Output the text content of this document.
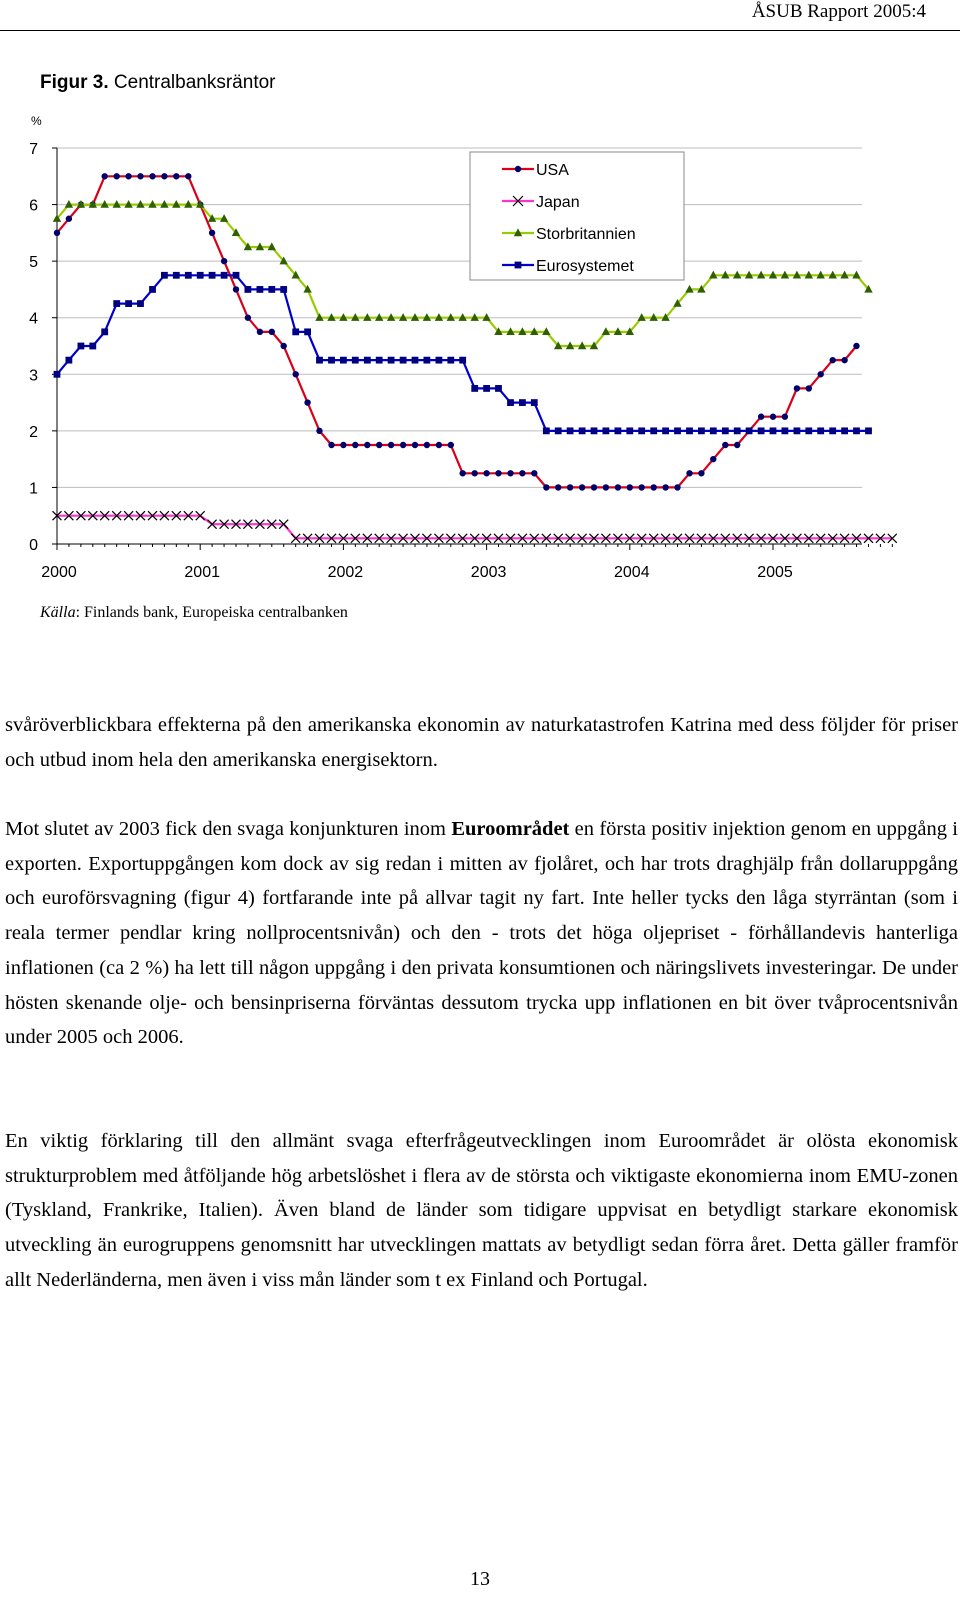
ÅSUB Rapport 2005:4
Figur 3. Centralbanksräntor
0
1
2
3
4
5
6
7
%
2000	2001	2002	2003	2004	2005
USA
Japan
Storbritannien
Eurosystemet
Källa: Finlands bank, Europeiska centralbanken

svåröverblickbara effekterna på den amerikanska ekonomin av naturkatastrofen Katrina med dess följder för priser och utbud inom hela den amerikanska energisektorn.

Mot slutet av 2003 fick den svaga konjunkturen inom Euroområdet en första positiv injektion genom en uppgång i exporten. Exportuppgången kom dock av sig redan i mitten av fjolåret, och har trots draghjälp från dollaruppgång och euroförsvagning (figur 4) fortfarande inte på allvar tagit ny fart. Inte heller tycks den låga styrräntan (som i reala termer pendlar kring nollprocentsnivån) och den - trots det höga oljepriset - förhållandevis hanterliga inflationen (ca 2 %) ha lett till någon uppgång i den privata konsumtionen och näringslivets investeringar. De under hösten skenande olje- och bensinpriserna förväntas dessutom trycka upp inflationen en bit över tvåprocentsnivån under 2005 och 2006.

En viktig förklaring till den allmänt svaga efterfrågeutvecklingen inom Euroområdet är olösta ekonomisk strukturproblem med åtföljande hög arbetslöshet i flera av de största och viktigaste ekonomierna inom EMU-zonen (Tyskland, Frankrike, Italien). Även bland de länder som tidigare uppvisat en betydligt starkare ekonomisk utveckling än eurogruppens genomsnitt har utvecklingen mattats av betydligt sedan förra året. Detta gäller framför allt Nederländerna, men även i viss mån länder som t ex Finland och Portugal.

13
